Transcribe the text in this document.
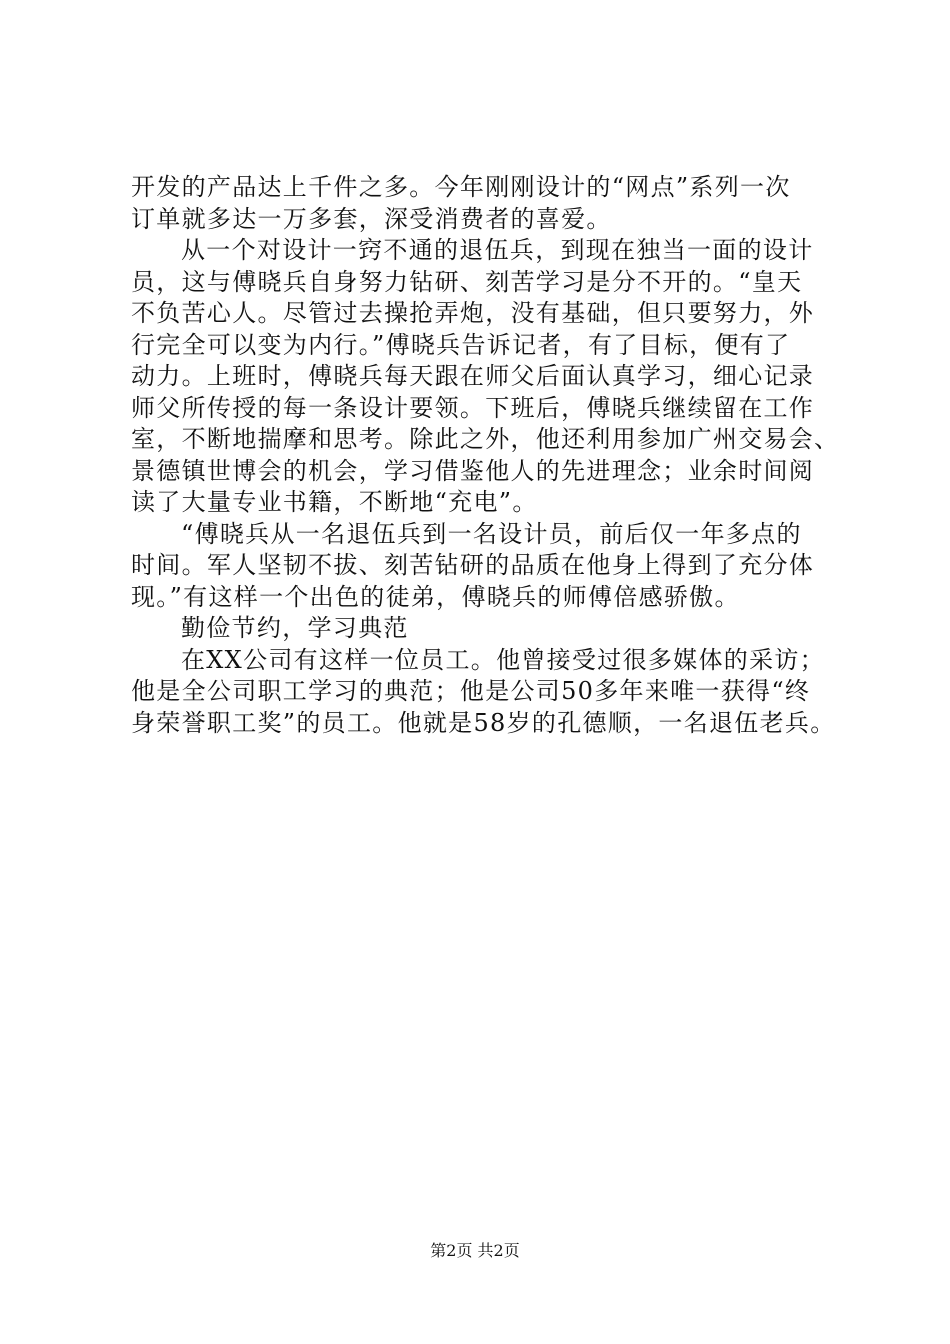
开发的产品达上千件之多。今年刚刚设计的“网点”系列一次
订单就多达一万多套，深受消费者的喜爱。
从一个对设计一窍不通的退伍兵，到现在独当一面的设计
员，这与傅晓兵自身努力钻研、刻苦学习是分不开的。“皇天
不负苦心人。尽管过去操抢弄炮，没有基础，但只要努力，外
行完全可以变为内行。”傅晓兵告诉记者，有了目标，便有了
动力。上班时，傅晓兵每天跟在师父后面认真学习，细心记录
师父所传授的每一条设计要领。下班后，傅晓兵继续留在工作
室，不断地揣摩和思考。除此之外，他还利用参加广州交易会、
景德镇世博会的机会，学习借鉴他人的先进理念；业余时间阅
读了大量专业书籍，不断地“充电”。
“傅晓兵从一名退伍兵到一名设计员，前后仅一年多点的
时间。军人坚韧不拔、刻苦钻研的品质在他身上得到了充分体
现。”有这样一个出色的徒弟，傅晓兵的师傅倍感骄傲。
勤俭节约，学习典范
在XX公司有这样一位员工。他曾接受过很多媒体的采访；
他是全公司职工学习的典范；他是公司50多年来唯一获得“终
身荣誉职工奖”的员工。他就是58岁的孔德顺，一名退伍老兵。
第2页 共2页
